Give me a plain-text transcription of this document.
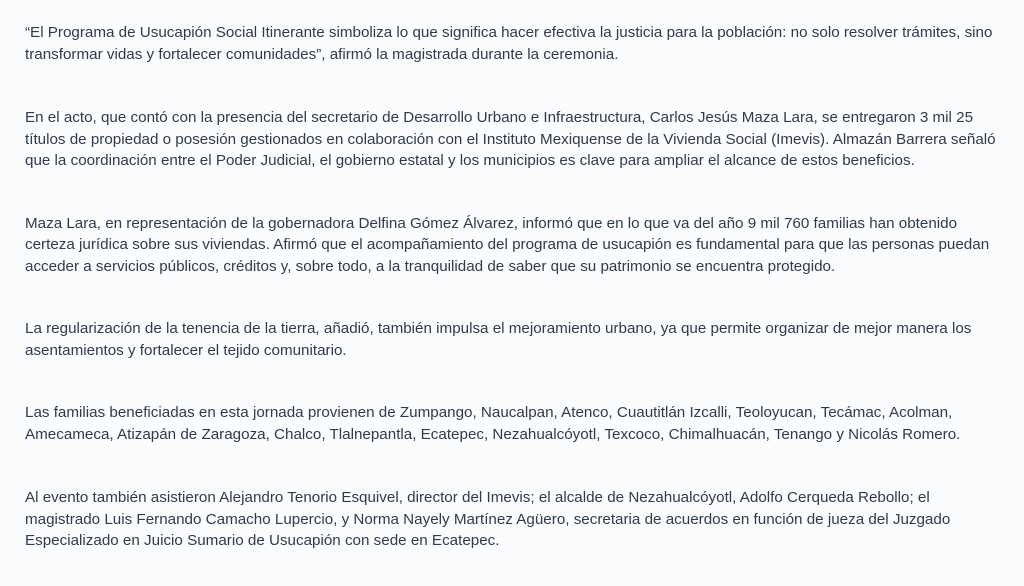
“El Programa de Usucapión Social Itinerante simboliza lo que significa hacer efectiva la justicia para la población: no solo resolver trámites, sino transformar vidas y fortalecer comunidades”, afirmó la magistrada durante la ceremonia.

En el acto, que contó con la presencia del secretario de Desarrollo Urbano e Infraestructura, Carlos Jesús Maza Lara, se entregaron 3 mil 25 títulos de propiedad o posesión gestionados en colaboración con el Instituto Mexiquense de la Vivienda Social (Imevis). Almazán Barrera señaló que la coordinación entre el Poder Judicial, el gobierno estatal y los municipios es clave para ampliar el alcance de estos beneficios.

Maza Lara, en representación de la gobernadora Delfina Gómez Álvarez, informó que en lo que va del año 9 mil 760 familias han obtenido certeza jurídica sobre sus viviendas. Afirmó que el acompañamiento del programa de usucapión es fundamental para que las personas puedan acceder a servicios públicos, créditos y, sobre todo, a la tranquilidad de saber que su patrimonio se encuentra protegido.

La regularización de la tenencia de la tierra, añadió, también impulsa el mejoramiento urbano, ya que permite organizar de mejor manera los asentamientos y fortalecer el tejido comunitario.

Las familias beneficiadas en esta jornada provienen de Zumpango, Naucalpan, Atenco, Cuautitlán Izcalli, Teoloyucan, Tecámac, Acolman, Amecameca, Atizapán de Zaragoza, Chalco, Tlalnepantla, Ecatepec, Nezahualcóyotl, Texcoco, Chimalhuacán, Tenango y Nicolás Romero.

Al evento también asistieron Alejandro Tenorio Esquivel, director del Imevis; el alcalde de Nezahualcóyotl, Adolfo Cerqueda Rebollo; el magistrado Luis Fernando Camacho Lupercio, y Norma Nayely Martínez Agüero, secretaria de acuerdos en función de jueza del Juzgado Especializado en Juicio Sumario de Usucapión con sede en Ecatepec.
